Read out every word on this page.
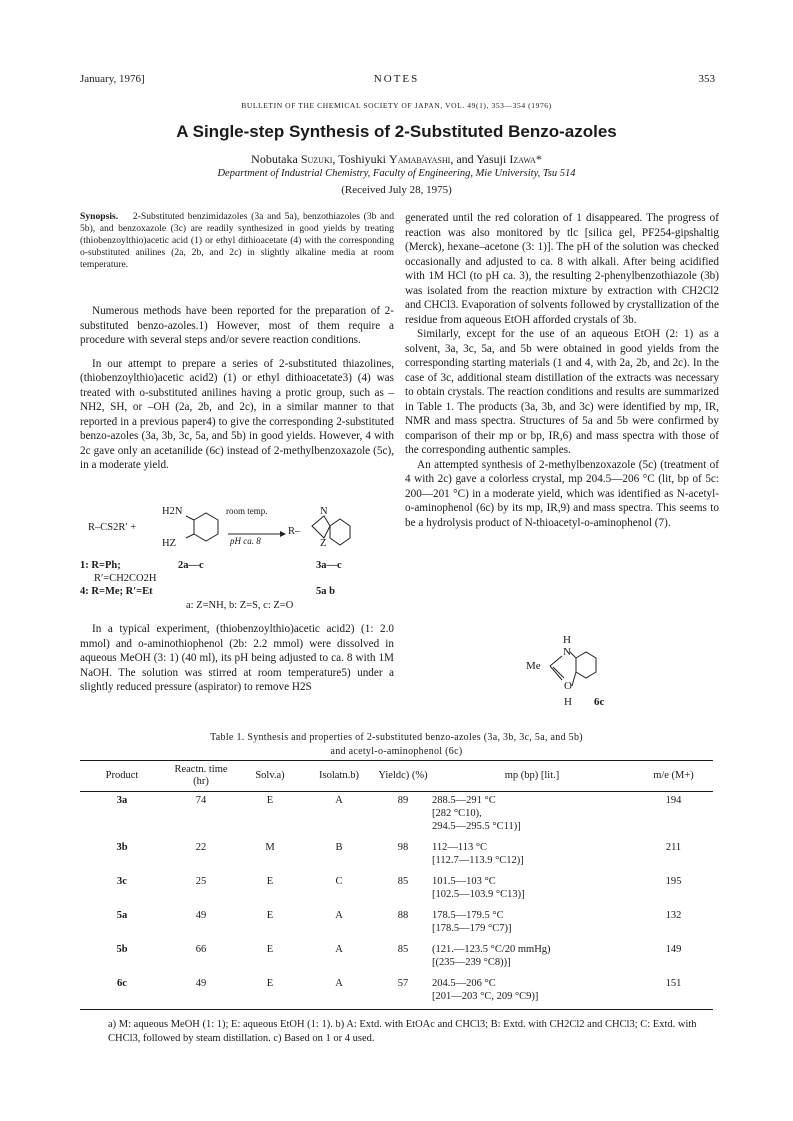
January, 1976]	NOTES	353
BULLETIN OF THE CHEMICAL SOCIETY OF JAPAN, VOL. 49(1), 353—354 (1976)
A Single-step Synthesis of 2-Substituted Benzo-azoles
Nobutaka Suzuki, Toshiyuki Yamabayashi, and Yasuji Izawa*
Department of Industrial Chemistry, Faculty of Engineering, Mie University, Tsu 514
(Received July 28, 1975)

Synopsis. 2-Substituted benzimidazoles (3a and 5a), benzothiazoles (3b and 5b), and benzoxazole (3c) are readily synthesized in good yields by treating (thiobenzoylthio)acetic acid (1) or ethyl dithioacetate (4) with the corresponding o-substituted anilines (2a, 2b, and 2c) in slightly alkaline media at room temperature.

Numerous methods have been reported for the preparation of 2-substituted benzo-azoles.1) However, most of them require a procedure with several steps and/or severe reaction conditions.

In our attempt to prepare a series of 2-substituted thiazolines, (thiobenzoylthio)acetic acid2) (1) or ethyl dithioacetate3) (4) was treated with o-substituted anilines having a protic group, such as –NH2, SH, or –OH (2a, 2b, and 2c), in a similar manner to that reported in a previous paper4) to give the corresponding 2-substituted benzo-azoles (3a, 3b, 3c, 5a, and 5b) in good yields. However, 4 with 2c gave only an acetanilide (6c) instead of 2-methylbenzoxazole (5c), in a moderate yield.

R–CS2R′ +
H2N
HZ
room temp.
pH ca. 8
R–
N
Z
1: R=Ph;	2a—c	3a—c
R′=CH2CO2H
4: R=Me; R′=Et	5a b
a: Z=NH, b: Z=S, c: Z=O

In a typical experiment, (thiobenzoylthio)acetic acid2) (1: 2.0 mmol) and o-aminothiophenol (2b: 2.2 mmol) were dissolved in aqueous MeOH (3: 1) (40 ml), its pH being adjusted to ca. 8 with 1M NaOH. The solution was stirred at room temperature5) under a slightly reduced pressure (aspirator) to remove H2S

generated until the red coloration of 1 disappeared. The progress of reaction was also monitored by tlc [silica gel, PF254-gipshaltig (Merck), hexane–acetone (3: 1)]. The pH of the solution was checked occasionally and adjusted to ca. 8 with alkali. After being acidified with 1M HCl (to pH ca. 3), the resulting 2-phenylbenzothiazole (3b) was isolated from the reaction mixture by extraction with CH2Cl2 and CHCl3. Evaporation of solvents followed by crystallization of the residue from aqueous EtOH afforded crystals of 3b.

Similarly, except for the use of an aqueous EtOH (2: 1) as a solvent, 3a, 3c, 5a, and 5b were obtained in good yields from the corresponding starting materials (1 and 4, with 2a, 2b, and 2c). In the case of 3c, additional steam distillation of the extracts was necessary to obtain crystals. The reaction conditions and results are summarized in Table 1. The products (3a, 3b, and 3c) were identified by mp, IR, NMR and mass spectra. Structures of 5a and 5b were confirmed by comparison of their mp or bp, IR,6) and mass spectra with those of the corresponding authentic samples.

An attempted synthesis of 2-methylbenzoxazole (5c) (treatment of 4 with 2c) gave a colorless crystal, mp 204.5—206 °C (lit, bp of 5c: 200—201 °C) in a moderate yield, which was identified as N-acetyl-o-aminophenol (6c) by its mp, IR,9) and mass spectra. This seems to be a hydrolysis product of N-thioacetyl-o-aminophenol (7).

H
N
Me
O
H 6c
Table 1. Synthesis and properties of 2-substituted benzo-azoles (3a, 3b, 3c, 5a, and 5b)
and acetyl-o-aminophenol (6c)
Product	Reactn. time (hr)	Solv.a)	Isolatn.b)	Yieldc) (%)	mp (bp) [lit.]	m/e (M+)
3a	74	E	A	89	288.5—291 °C
[282 °C10),
294.5—295.5 °C11)]	194
3b	22	M	B	98	112—113 °C
[112.7—113.9 °C12)]	211
3c	25	E	C	85	101.5—103 °C
[102.5—103.9 °C13)]	195
5a	49	E	A	88	178.5—179.5 °C
[178.5—179 °C7)]	132
5b	66	E	A	85	(121.—123.5 °C/20 mmHg)
[(235—239 °C8))]	149
6c	49	E	A	57	204.5—206 °C
[201—203 °C, 209 °C9)]	151
a) M: aqueous MeOH (1: 1); E: aqueous EtOH (1: 1). b) A: Extd. with EtOAc and CHCl3; B: Extd. with CH2Cl2 and CHCl3; C: Extd. with CHCl3, followed by steam distillation. c) Based on 1 or 4 used.
